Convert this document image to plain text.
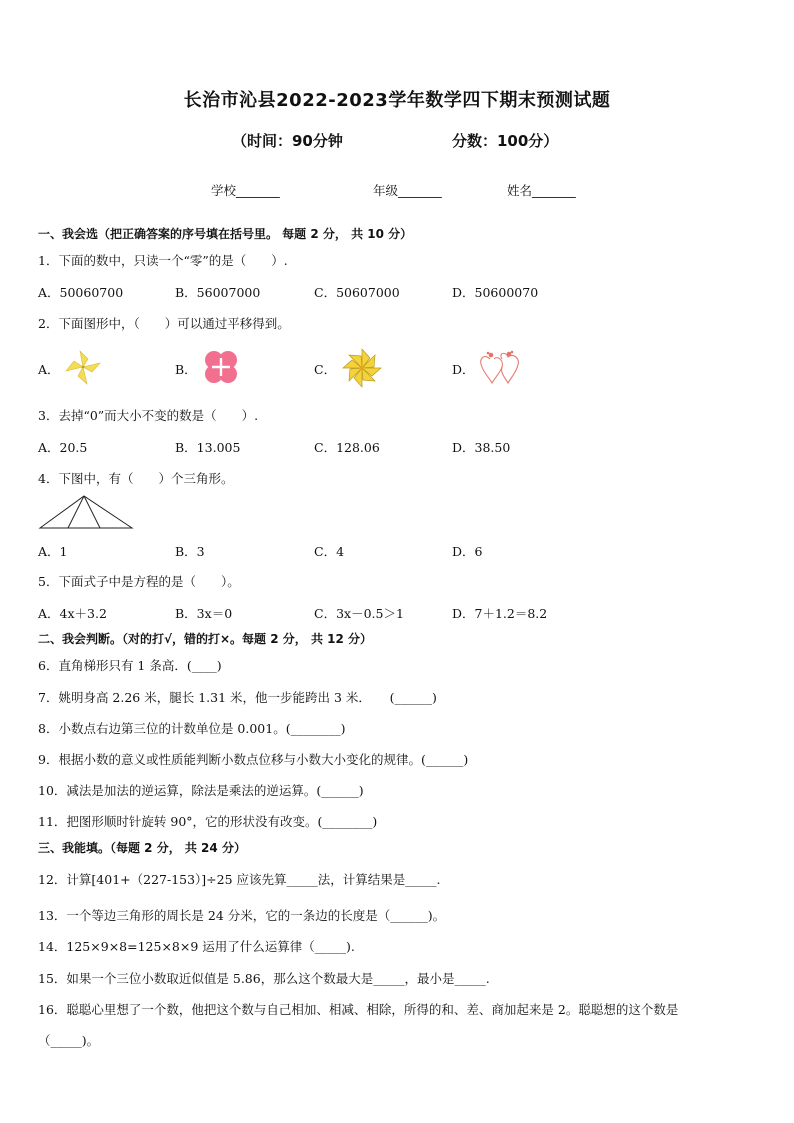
长治市沁县2022-2023学年数学四下期末预测试题
（时间：90分钟	分数：100分）
学校_______	年级_______	姓名_______
一、我会选（把正确答案的序号填在括号里。 每题 2 分， 共 10 分）
1．下面的数中，只读一个“零”的是（　　）.
A．50060700	B．56007000	C．50607000	D．50600070
2．下面图形中，（　　）可以通过平移得到。
A．	B．	C．	D．
3．去掉“0”而大小不变的数是（　　）.
A．20.5	B．13.005	C．128.06	D．38.50
4．下图中，有（　　）个三角形。
A．1	B．3	C．4	D．6
5．下面式子中是方程的是（　　）。
A．4x＋3.2	B．3x＝0	C．3x－0.5＞1	D．7＋1.2＝8.2
二、我会判断。（对的打√，错的打×。每题 2 分， 共 12 分）
6．直角梯形只有 1 条高．(____)
7．姚明身高 2.26 米，腿长 1.31 米，他一步能跨出 3 米．　　(______)
8．小数点右边第三位的计数单位是 0.001。(________)
9．根据小数的意义或性质能判断小数点位移与小数大小变化的规律。(______)
10．减法是加法的逆运算，除法是乘法的逆运算。(______)
11．把图形顺时针旋转 90°，它的形状没有改变。(________)
三、我能填。（每题 2 分， 共 24 分）
12．计算[401+（227-153）]÷25 应该先算_____法，计算结果是_____.
13．一个等边三角形的周长是 24 分米，它的一条边的长度是（______)。
14．125×9×8=125×8×9 运用了什么运算律（_____).
15．如果一个三位小数取近似值是 5.86，那么这个数最大是_____，最小是_____.
16．聪聪心里想了一个数，他把这个数与自己相加、相减、相除，所得的和、差、商加起来是 2。聪聪想的这个数是
（_____)。
